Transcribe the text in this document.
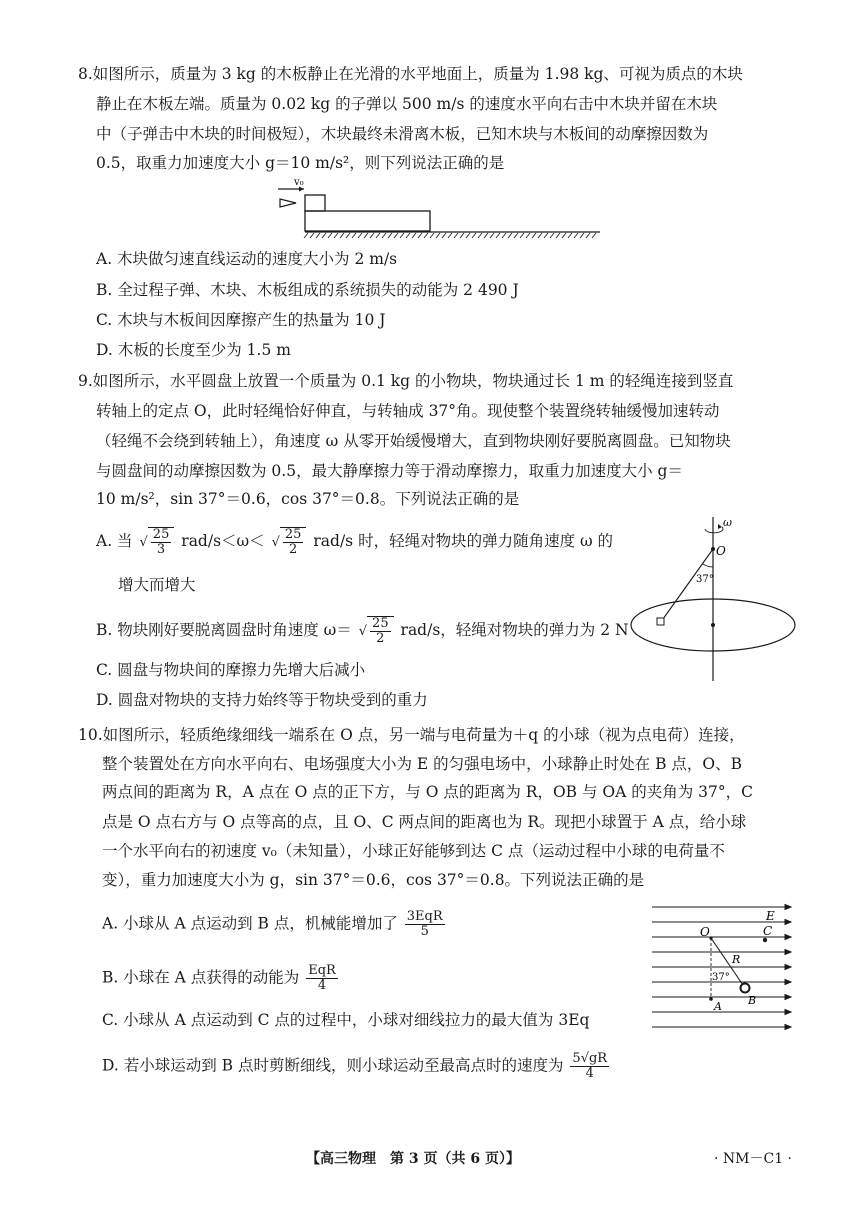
8.如图所示，质量为 3 kg 的木板静止在光滑的水平地面上，质量为 1.98 kg、可视为质点的木块
静止在木板左端。质量为 0.02 kg 的子弹以 500 m/s 的速度水平向右击中木块并留在木块
中（子弹击中木块的时间极短），木块最终未滑离木板，已知木块与木板间的动摩擦因数为
0.5，取重力加速度大小 g＝10 m/s²，则下列说法正确的是
v₀
A. 木块做匀速直线运动的速度大小为 2 m/s
B. 全过程子弹、木块、木板组成的系统损失的动能为 2 490 J
C. 木块与木板间因摩擦产生的热量为 10 J
D. 木板的长度至少为 1.5 m
9.如图所示，水平圆盘上放置一个质量为 0.1 kg 的小物块，物块通过长 1 m 的轻绳连接到竖直
转轴上的定点 O，此时轻绳恰好伸直，与转轴成 37°角。现使整个装置绕转轴缓慢加速转动
（轻绳不会绕到转轴上），角速度 ω 从零开始缓慢增大，直到物块刚好要脱离圆盘。已知物块
与圆盘间的动摩擦因数为 0.5，最大静摩擦力等于滑动摩擦力，取重力加速度大小 g＝
10 m/s²，sin 37°＝0.6，cos 37°＝0.8。下列说法正确的是
A. 当 √ $\frac{25}{3} rad/s<\omega<$ √ $\frac{25}{2} rad/s$ 时，轻绳对物块的弹力随角速度 ω 的
增大而增大
B. 物块刚好要脱离圆盘时角速度 ω＝ √ $\frac{25}{2} rad/s$，轻绳对物块的弹力为 2 N
C. 圆盘与物块间的摩擦力先增大后减小
D. 圆盘对物块的支持力始终等于物块受到的重力
ω
O
37°
10.如图所示，轻质绝缘细线一端系在 O 点，另一端与电荷量为＋q 的小球（视为点电荷）连接，
整个装置处在方向水平向右、电场强度大小为 E 的匀强电场中，小球静止时处在 B 点，O、B
两点间的距离为 R，A 点在 O 点的正下方，与 O 点的距离为 R，OB 与 OA 的夹角为 37°，C
点是 O 点右方与 O 点等高的点，且 O、C 两点间的距离也为 R。现把小球置于 A 点，给小球
一个水平向右的初速度 v₀（未知量），小球正好能够到达 C 点（运动过程中小球的电荷量不
变），重力加速度大小为 g，sin 37°＝0.6，cos 37°＝0.8。下列说法正确的是
A. 小球从 A 点运动到 B 点，机械能增加了 $\frac{\text{3EqR}}{5}$
B. 小球在 A 点获得的动能为 $\frac{\text{EqR}}{4}$
C. 小球从 A 点运动到 C 点的过程中，小球对细线拉力的最大值为 3Eq
D. 若小球运动到 B 点时剪断细线，则小球运动至最高点时的速度为 $\frac{5√gR}{4}$
E
O	C
R
37°
A B
【高三物理　第 3 页（共 6 页）】	· NM－C1 ·
